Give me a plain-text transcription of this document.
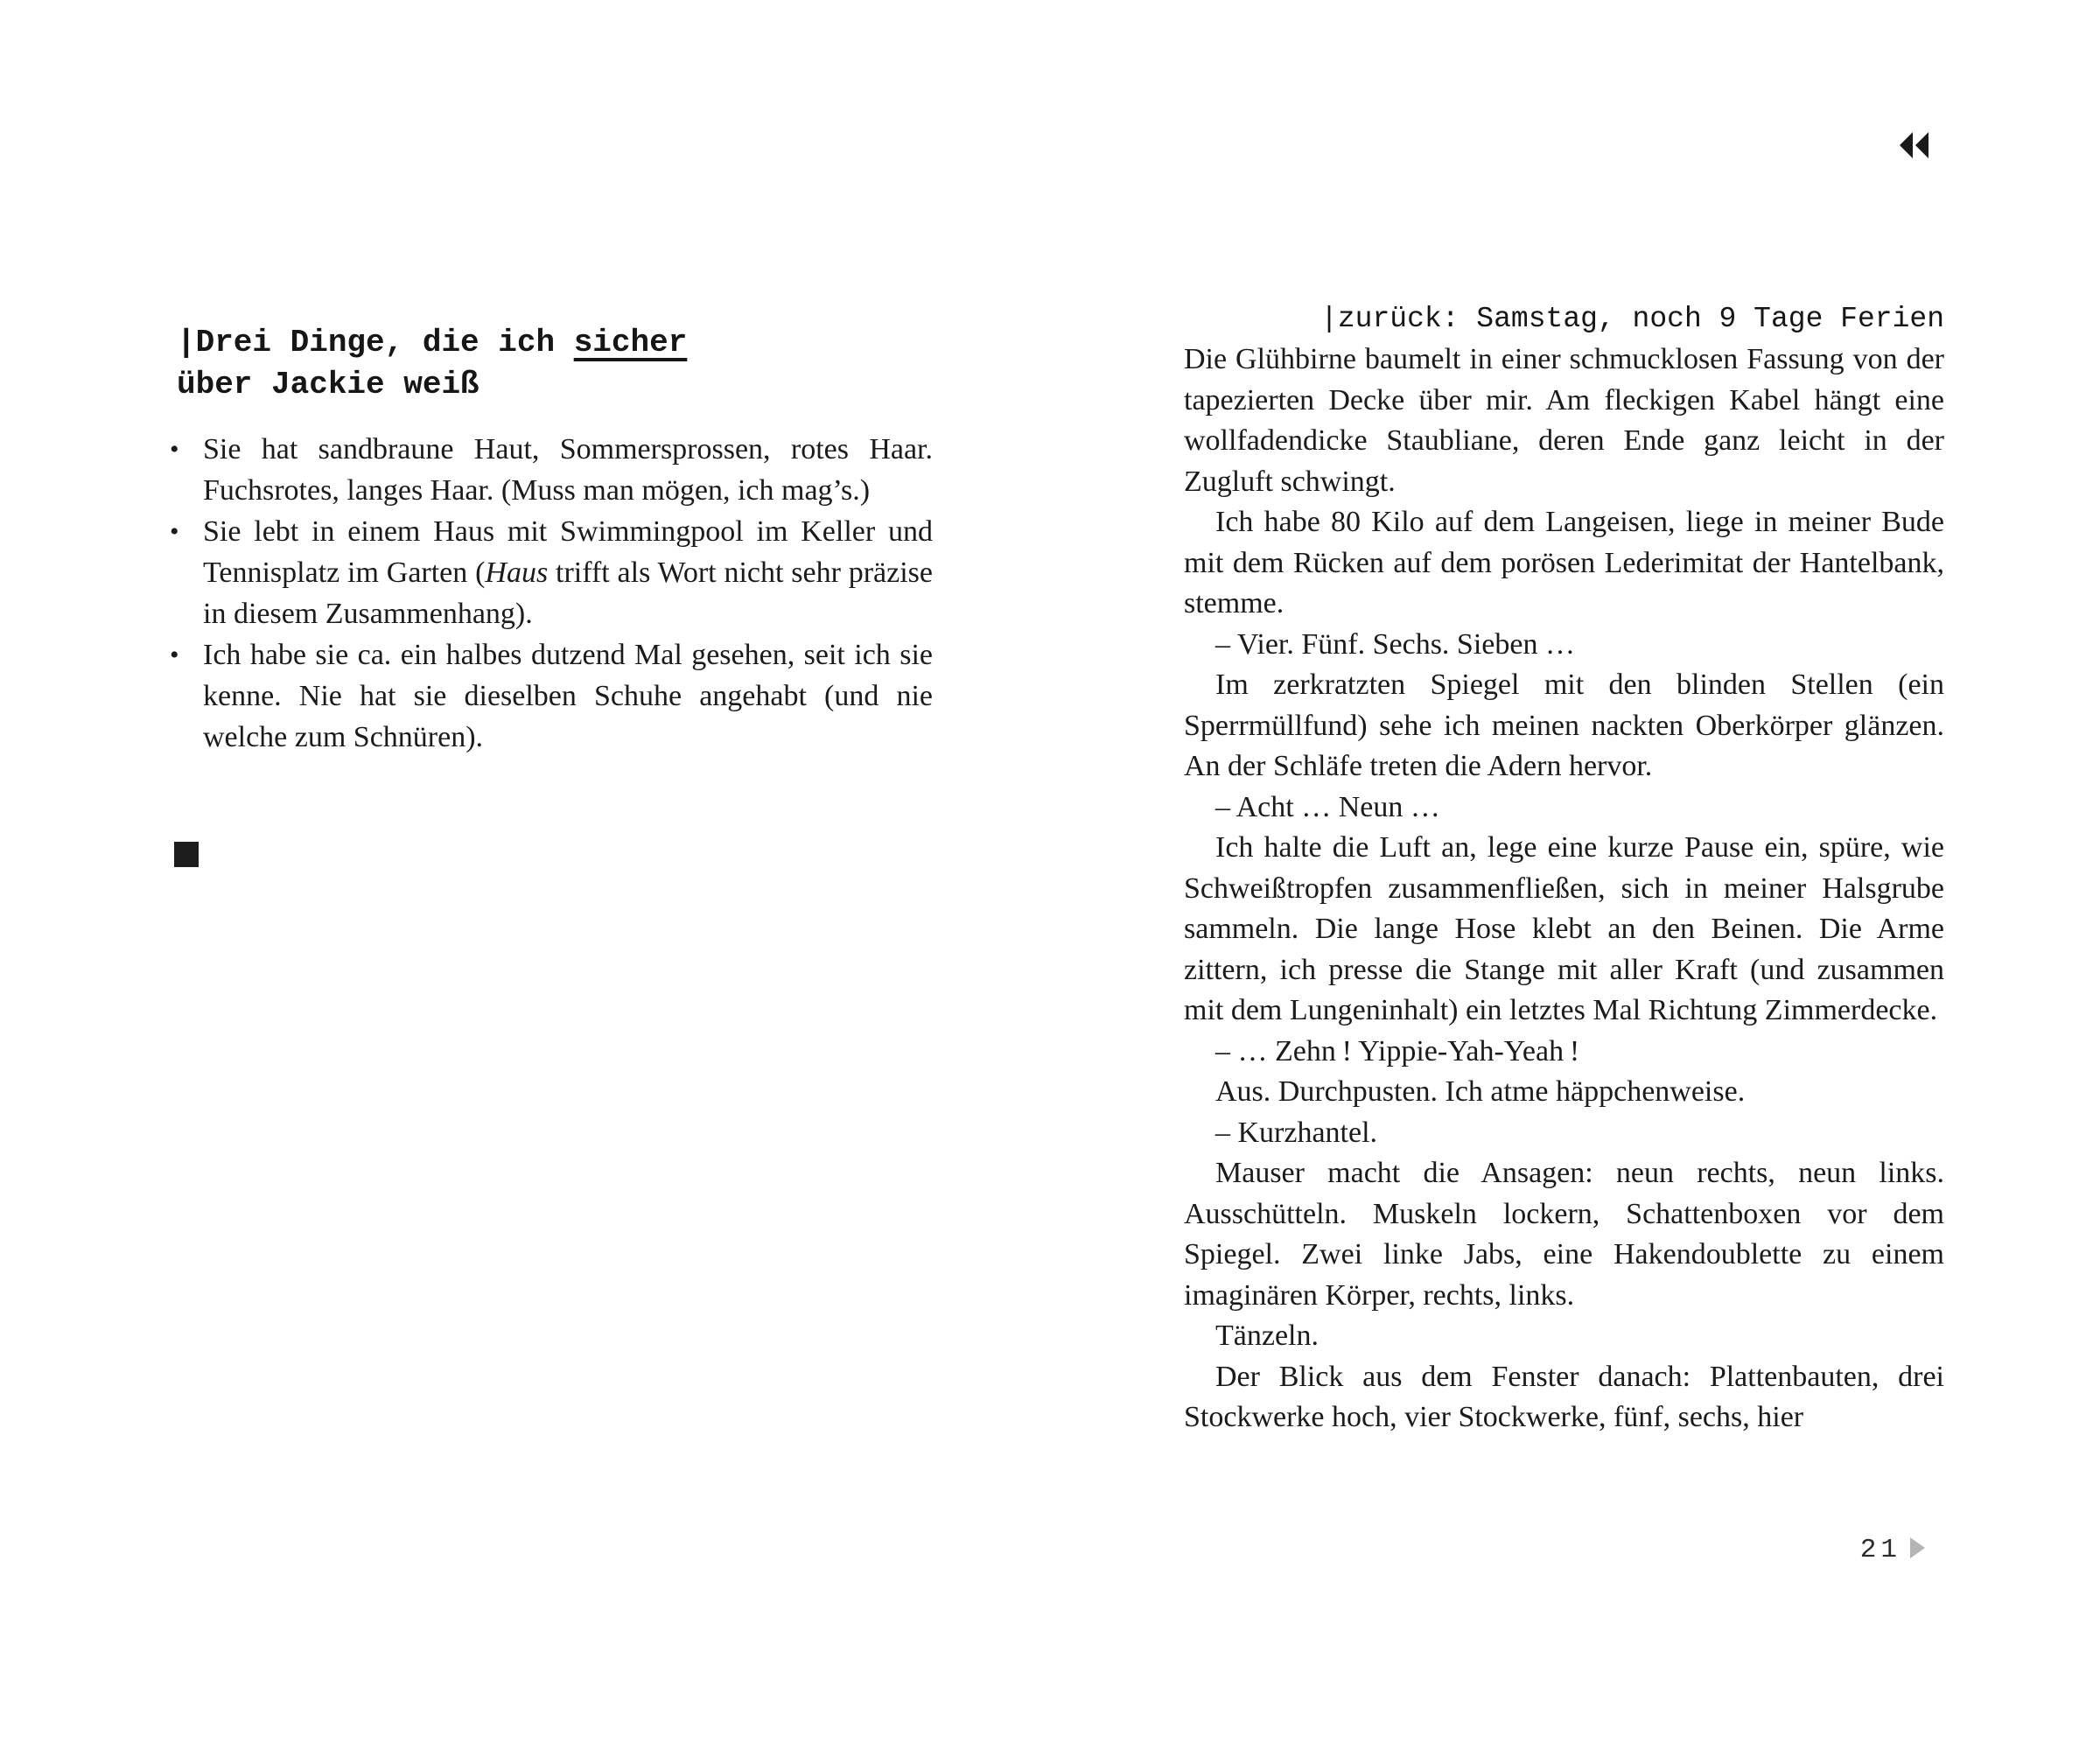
|Drei Dinge, die ich sicher
über Jackie weiß
• Sie hat sandbraune Haut, Sommersprossen, rotes Haar. Fuchsrotes, langes Haar. (Muss man mögen, ich mag’s.)
• Sie lebt in einem Haus mit Swimmingpool im Keller und Tennisplatz im Garten (Haus trifft als Wort nicht sehr präzise in diesem Zusammenhang).
• Ich habe sie ca. ein halbes dutzend Mal gesehen, seit ich sie kenne. Nie hat sie dieselben Schuhe angehabt (und nie welche zum Schnüren).
|zurück: Samstag, noch 9 Tage Ferien

Die Glühbirne baumelt in einer schmucklosen Fassung von der tapezierten Decke über mir. Am fleckigen Kabel hängt eine wollfadendicke Staubliane, deren Ende ganz leicht in der Zugluft schwingt.

Ich habe 80 Kilo auf dem Langeisen, liege in meiner Bude mit dem Rücken auf dem porösen Lederimitat der Hantelbank, stemme.

– Vier. Fünf. Sechs. Sieben …

Im zerkratzten Spiegel mit den blinden Stellen (ein Sperrmüllfund) sehe ich meinen nackten Oberkörper glänzen. An der Schläfe treten die Adern hervor.

– Acht … Neun …

Ich halte die Luft an, lege eine kurze Pause ein, spüre, wie Schweißtropfen zusammenfließen, sich in meiner Halsgrube sammeln. Die lange Hose klebt an den Beinen. Die Arme zittern, ich presse die Stange mit aller Kraft (und zusammen mit dem Lungeninhalt) ein letztes Mal Richtung Zimmerdecke.

– … Zehn ! Yippie-Yah-Yeah !

Aus. Durchpusten. Ich atme häppchenweise.

– Kurzhantel.

Mauser macht die Ansagen: neun rechts, neun links. Ausschütteln. Muskeln lockern, Schattenboxen vor dem Spiegel. Zwei linke Jabs, eine Hakendoublette zu einem imaginären Körper, rechts, links.

Tänzeln.

Der Blick aus dem Fenster danach: Plattenbauten, drei Stockwerke hoch, vier Stockwerke, fünf, sechs, hier

21
